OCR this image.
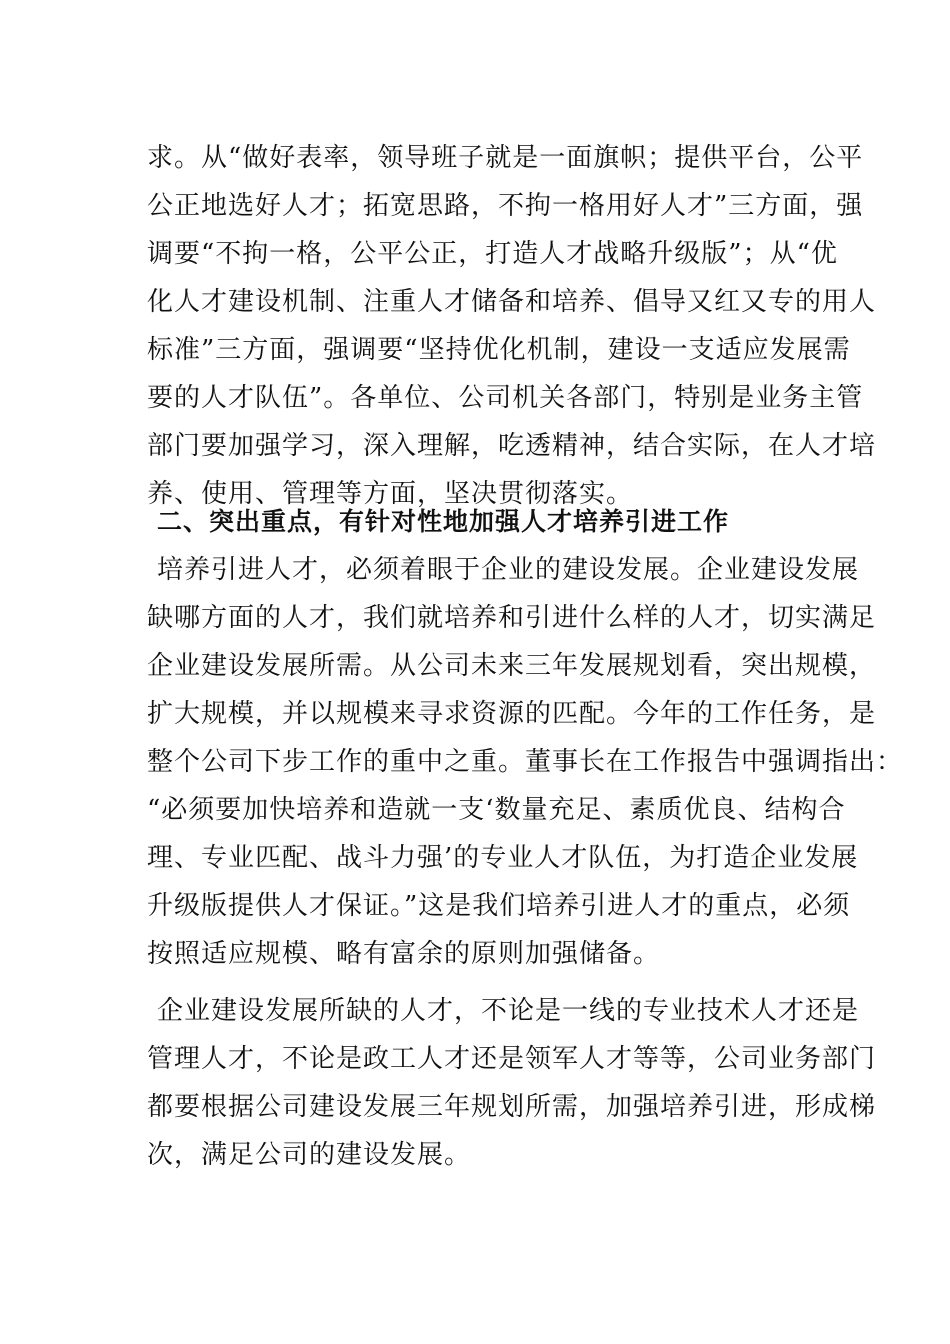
求。从“做好表率，领导班子就是一面旗帜；提供平台，公平
公正地选好人才；拓宽思路，不拘一格用好人才”三方面，强
调要“不拘一格，公平公正，打造人才战略升级版”；从“优
化人才建设机制、注重人才储备和培养、倡导又红又专的用人
标准”三方面，强调要“坚持优化机制，建设一支适应发展需
要的人才队伍”。各单位、公司机关各部门，特别是业务主管
部门要加强学习，深入理解，吃透精神，结合实际，在人才培
养、使用、管理等方面，坚决贯彻落实。
二、突出重点，有针对性地加强人才培养引进工作
培养引进人才，必须着眼于企业的建设发展。企业建设发展
缺哪方面的人才，我们就培养和引进什么样的人才，切实满足
企业建设发展所需。从公司未来三年发展规划看，突出规模，
扩大规模，并以规模来寻求资源的匹配。今年的工作任务，是
整个公司下步工作的重中之重。董事长在工作报告中强调指出：
“必须要加快培养和造就一支‘数量充足、素质优良、结构合
理、专业匹配、战斗力强’的专业人才队伍，为打造企业发展
升级版提供人才保证。”这是我们培养引进人才的重点，必须
按照适应规模、略有富余的原则加强储备。
企业建设发展所缺的人才，不论是一线的专业技术人才还是
管理人才，不论是政工人才还是领军人才等等，公司业务部门
都要根据公司建设发展三年规划所需，加强培养引进，形成梯
次，满足公司的建设发展。
